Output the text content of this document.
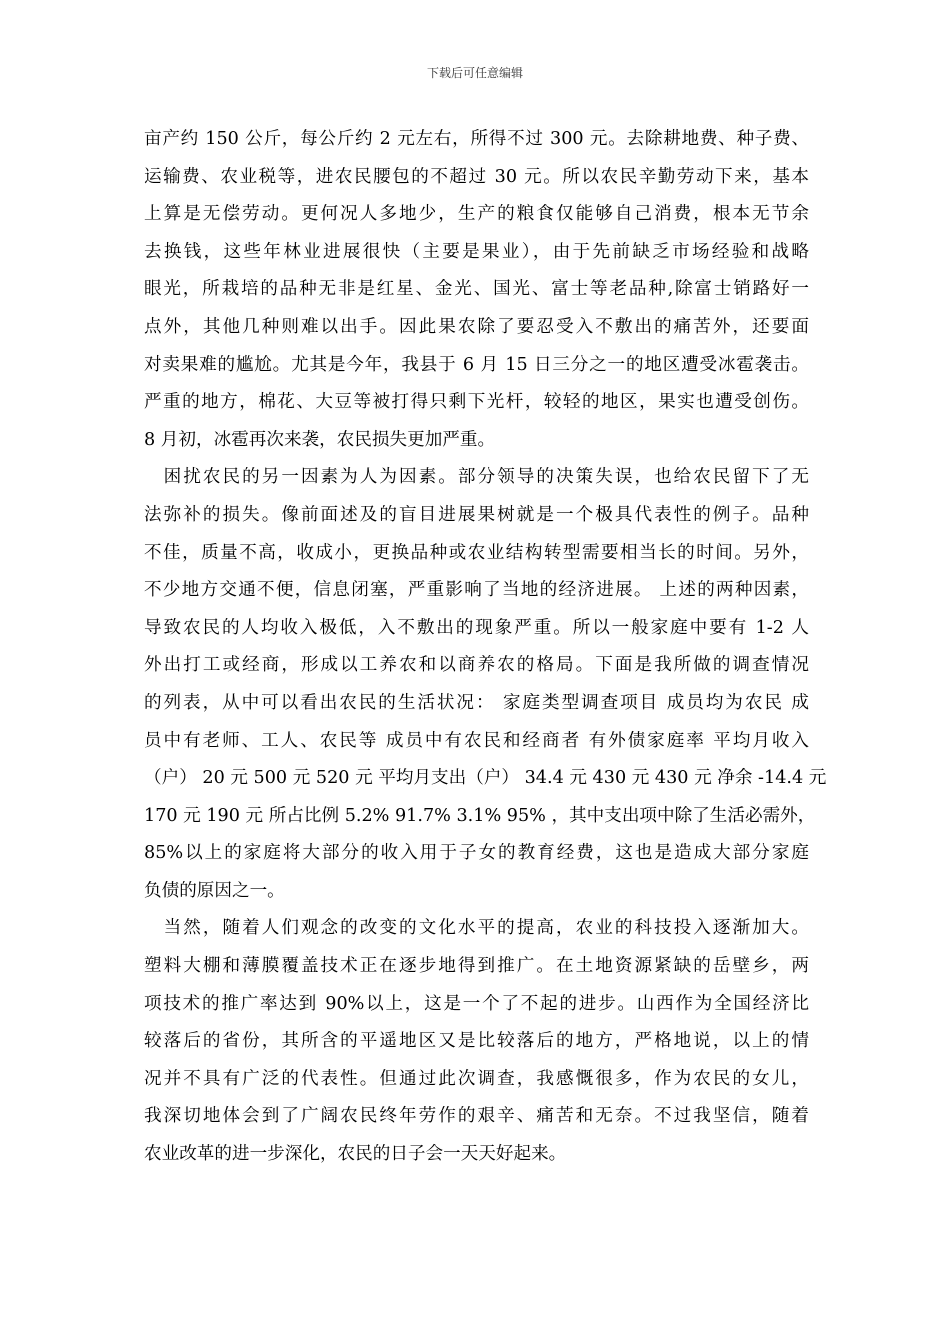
下载后可任意编辑
亩产约 150 公斤，每公斤约 2 元左右，所得不过 300 元。去除耕地费、种子费、
运输费、农业税等，进农民腰包的不超过 30 元。所以农民辛勤劳动下来，基本
上算是无偿劳动。更何况人多地少，生产的粮食仅能够自己消费，根本无节余
去换钱，这些年林业进展很快（主要是果业），由于先前缺乏市场经验和战略
眼光，所栽培的品种无非是红星、金光、国光、富士等老品种,除富士销路好一
点外，其他几种则难以出手。因此果农除了要忍受入不敷出的痛苦外，还要面
对卖果难的尴尬。尤其是今年，我县于 6 月 15 日三分之一的地区遭受冰雹袭击。
严重的地方，棉花、大豆等被打得只剩下光杆，较轻的地区，果实也遭受创伤。
8 月初，冰雹再次来袭，农民损失更加严重。
　困扰农民的另一因素为人为因素。部分领导的决策失误，也给农民留下了无
法弥补的损失。像前面述及的盲目进展果树就是一个极具代表性的例子。品种
不佳，质量不高，收成小，更换品种或农业结构转型需要相当长的时间。另外，
不少地方交通不便，信息闭塞，严重影响了当地的经济进展。 上述的两种因素，
导致农民的人均收入极低，入不敷出的现象严重。所以一般家庭中要有 1-2 人
外出打工或经商，形成以工养农和以商养农的格局。下面是我所做的调查情况
的列表，从中可以看出农民的生活状况： 家庭类型调查项目 成员均为农民 成
员中有老师、工人、农民等 成员中有农民和经商者 有外债家庭率 平均月收入
（户） 20 元 500 元 520 元 平均月支出（户） 34.4 元 430 元 430 元 净余 -14.4 元
170 元 190 元 所占比例 5.2% 91.7% 3.1% 95% ，其中支出项中除了生活必需外，
85%以上的家庭将大部分的收入用于子女的教育经费，这也是造成大部分家庭
负债的原因之一。
　当然，随着人们观念的改变的文化水平的提高，农业的科技投入逐渐加大。
塑料大棚和薄膜覆盖技术正在逐步地得到推广。在土地资源紧缺的岳壁乡，两
项技术的推广率达到 90%以上，这是一个了不起的进步。山西作为全国经济比
较落后的省份，其所含的平遥地区又是比较落后的地方，严格地说，以上的情
况并不具有广泛的代表性。但通过此次调查，我感慨很多，作为农民的女儿，
我深切地体会到了广阔农民终年劳作的艰辛、痛苦和无奈。不过我坚信，随着
农业改革的进一步深化，农民的日子会一天天好起来。
